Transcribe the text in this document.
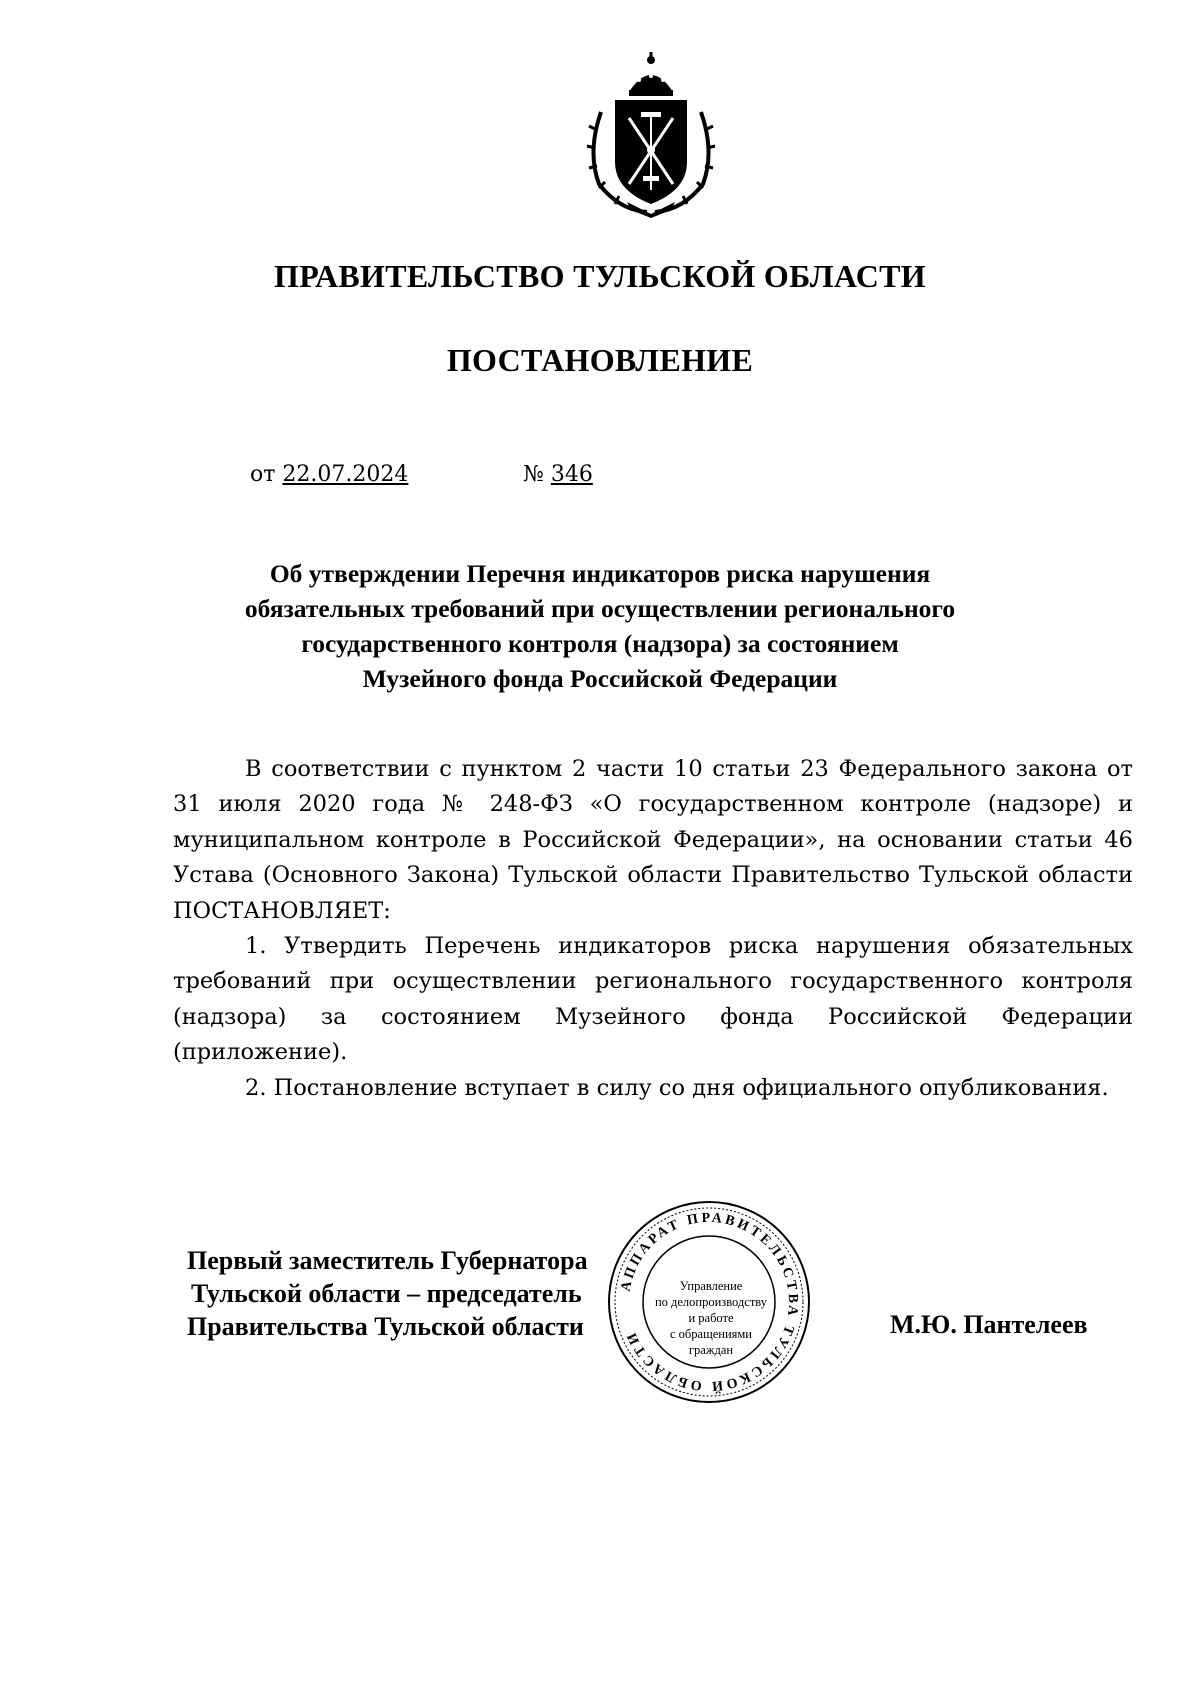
ПРАВИТЕЛЬСТВО ТУЛЬСКОЙ ОБЛАСТИ
ПОСТАНОВЛЕНИЕ
от 22.07.2024	№ 346
Об утверждении Перечня индикаторов риска нарушения
обязательных требований при осуществлении регионального
государственного контроля (надзора) за состоянием
Музейного фонда Российской Федерации

В соответствии с пунктом 2 части 10 статьи 23 Федерального закона от 31 июля 2020 года № 248-ФЗ «О государственном контроле (надзоре) и муниципальном контроле в Российской Федерации», на основании статьи 46 Устава (Основного Закона) Тульской области Правительство Тульской области ПОСТАНОВЛЯЕТ:

1. Утвердить Перечень индикаторов риска нарушения обязательных требований при осуществлении регионального государственного контроля (надзора) за состоянием Музейного фонда Российской Федерации (приложение).

2. Постановление вступает в силу со дня официального опубликования.

АППАРАТ ПРАВИТЕЛЬСТВА ТУЛЬСКОЙ ОБЛАСТИ
Управление
по делопроизводству
и работе
с обращениями
граждан
Первый заместитель Губернатора
Тульской области – председатель
Правительства Тульской области	М.Ю. Пантелеев
